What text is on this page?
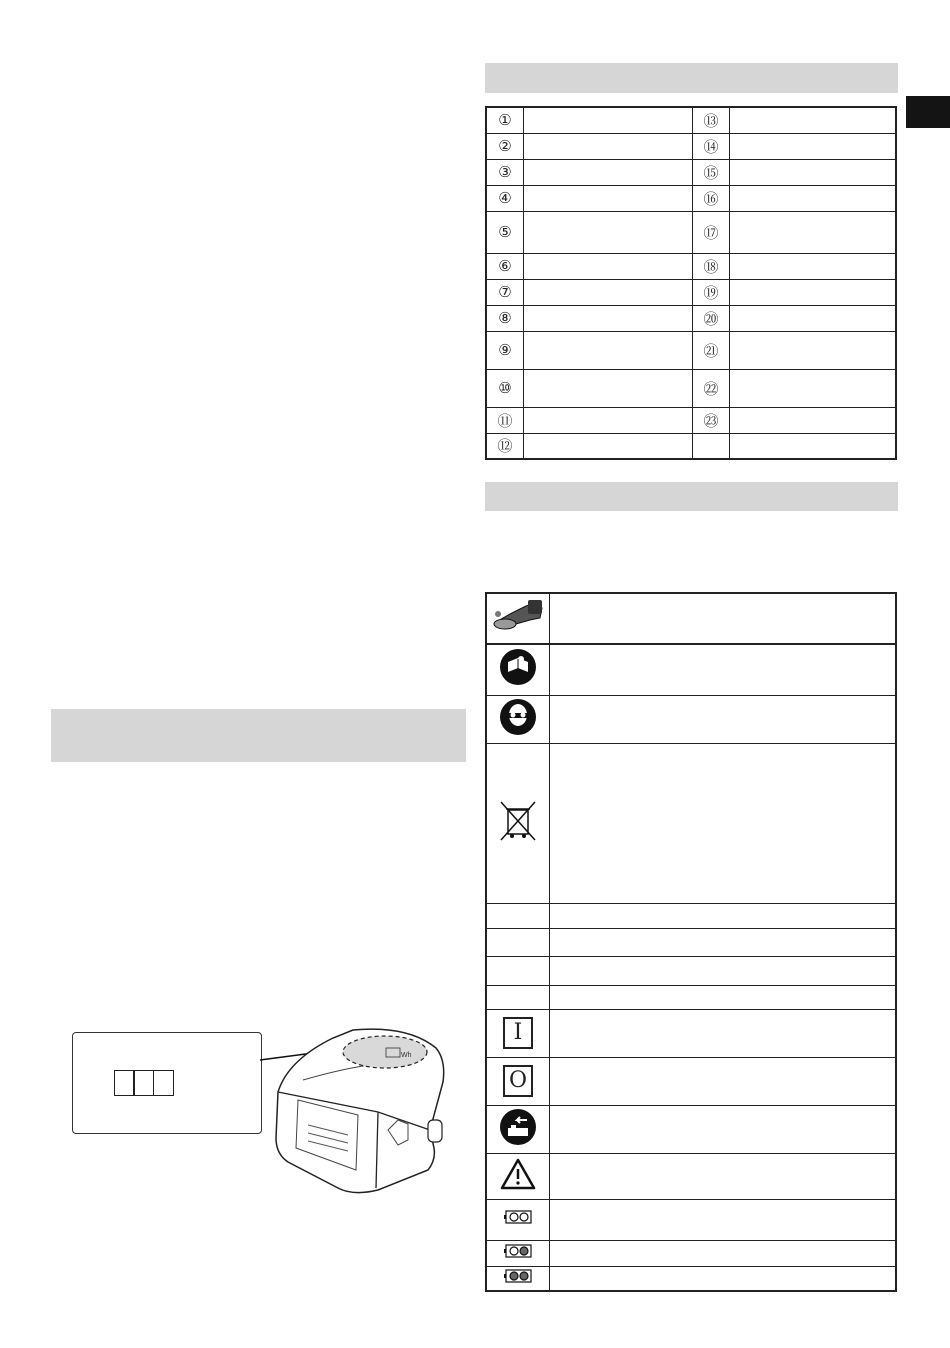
①		⑬	
②		⑭	
③		⑮	
④		⑯	
⑤		⑰	
⑥		⑱	
⑦		⑲	
⑧		⑳	
⑨		㉑	
⑩		㉒	
⑪		㉓	
⑫			

I	
O	

Wh
